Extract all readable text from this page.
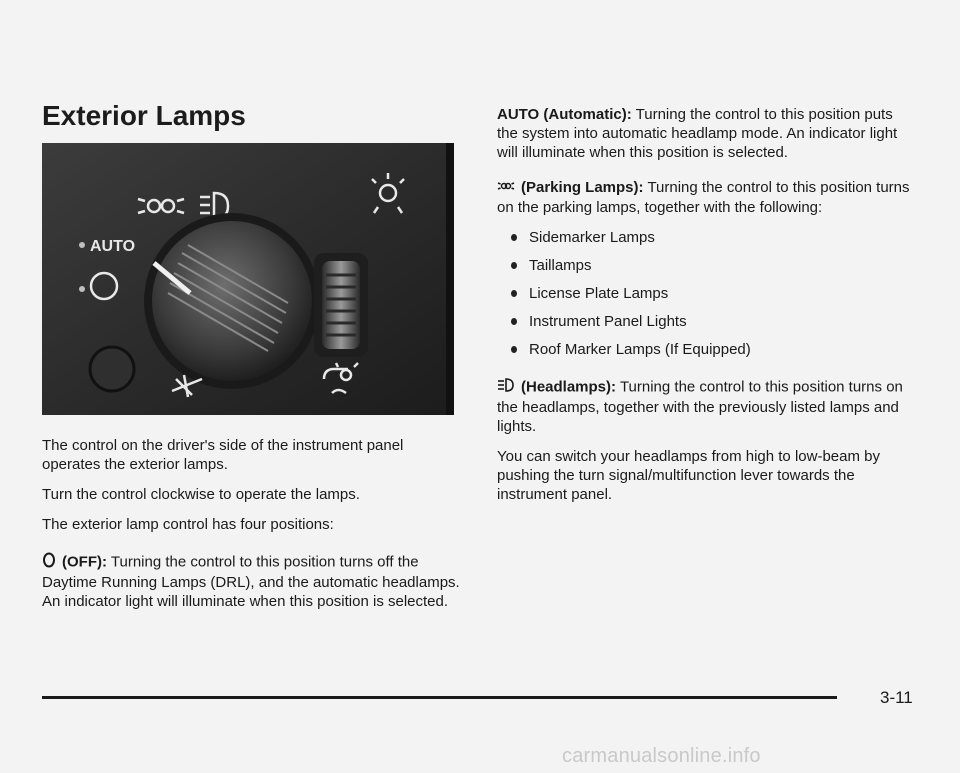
Exterior Lamps
AUTO

The control on the driver's side of the instrument panel operates the exterior lamps.

Turn the control clockwise to operate the lamps.

The exterior lamp control has four positions:

(OFF): Turning the control to this position turns off the Daytime Running Lamps (DRL), and the automatic headlamps. An indicator light will illuminate when this position is selected.

AUTO (Automatic): Turning the control to this position puts the system into automatic headlamp mode. An indicator light will illuminate when this position is selected.

(Parking Lamps): Turning the control to this position turns on the parking lamps, together with the following:

Sidemarker Lamps
Taillamps
License Plate Lamps
Instrument Panel Lights
Roof Marker Lamps (If Equipped)

(Headlamps): Turning the control to this position turns on the headlamps, together with the previously listed lamps and lights.

You can switch your headlamps from high to low-beam by pushing the turn signal/multifunction lever towards the instrument panel.

3-11
carmanualsonline.info
